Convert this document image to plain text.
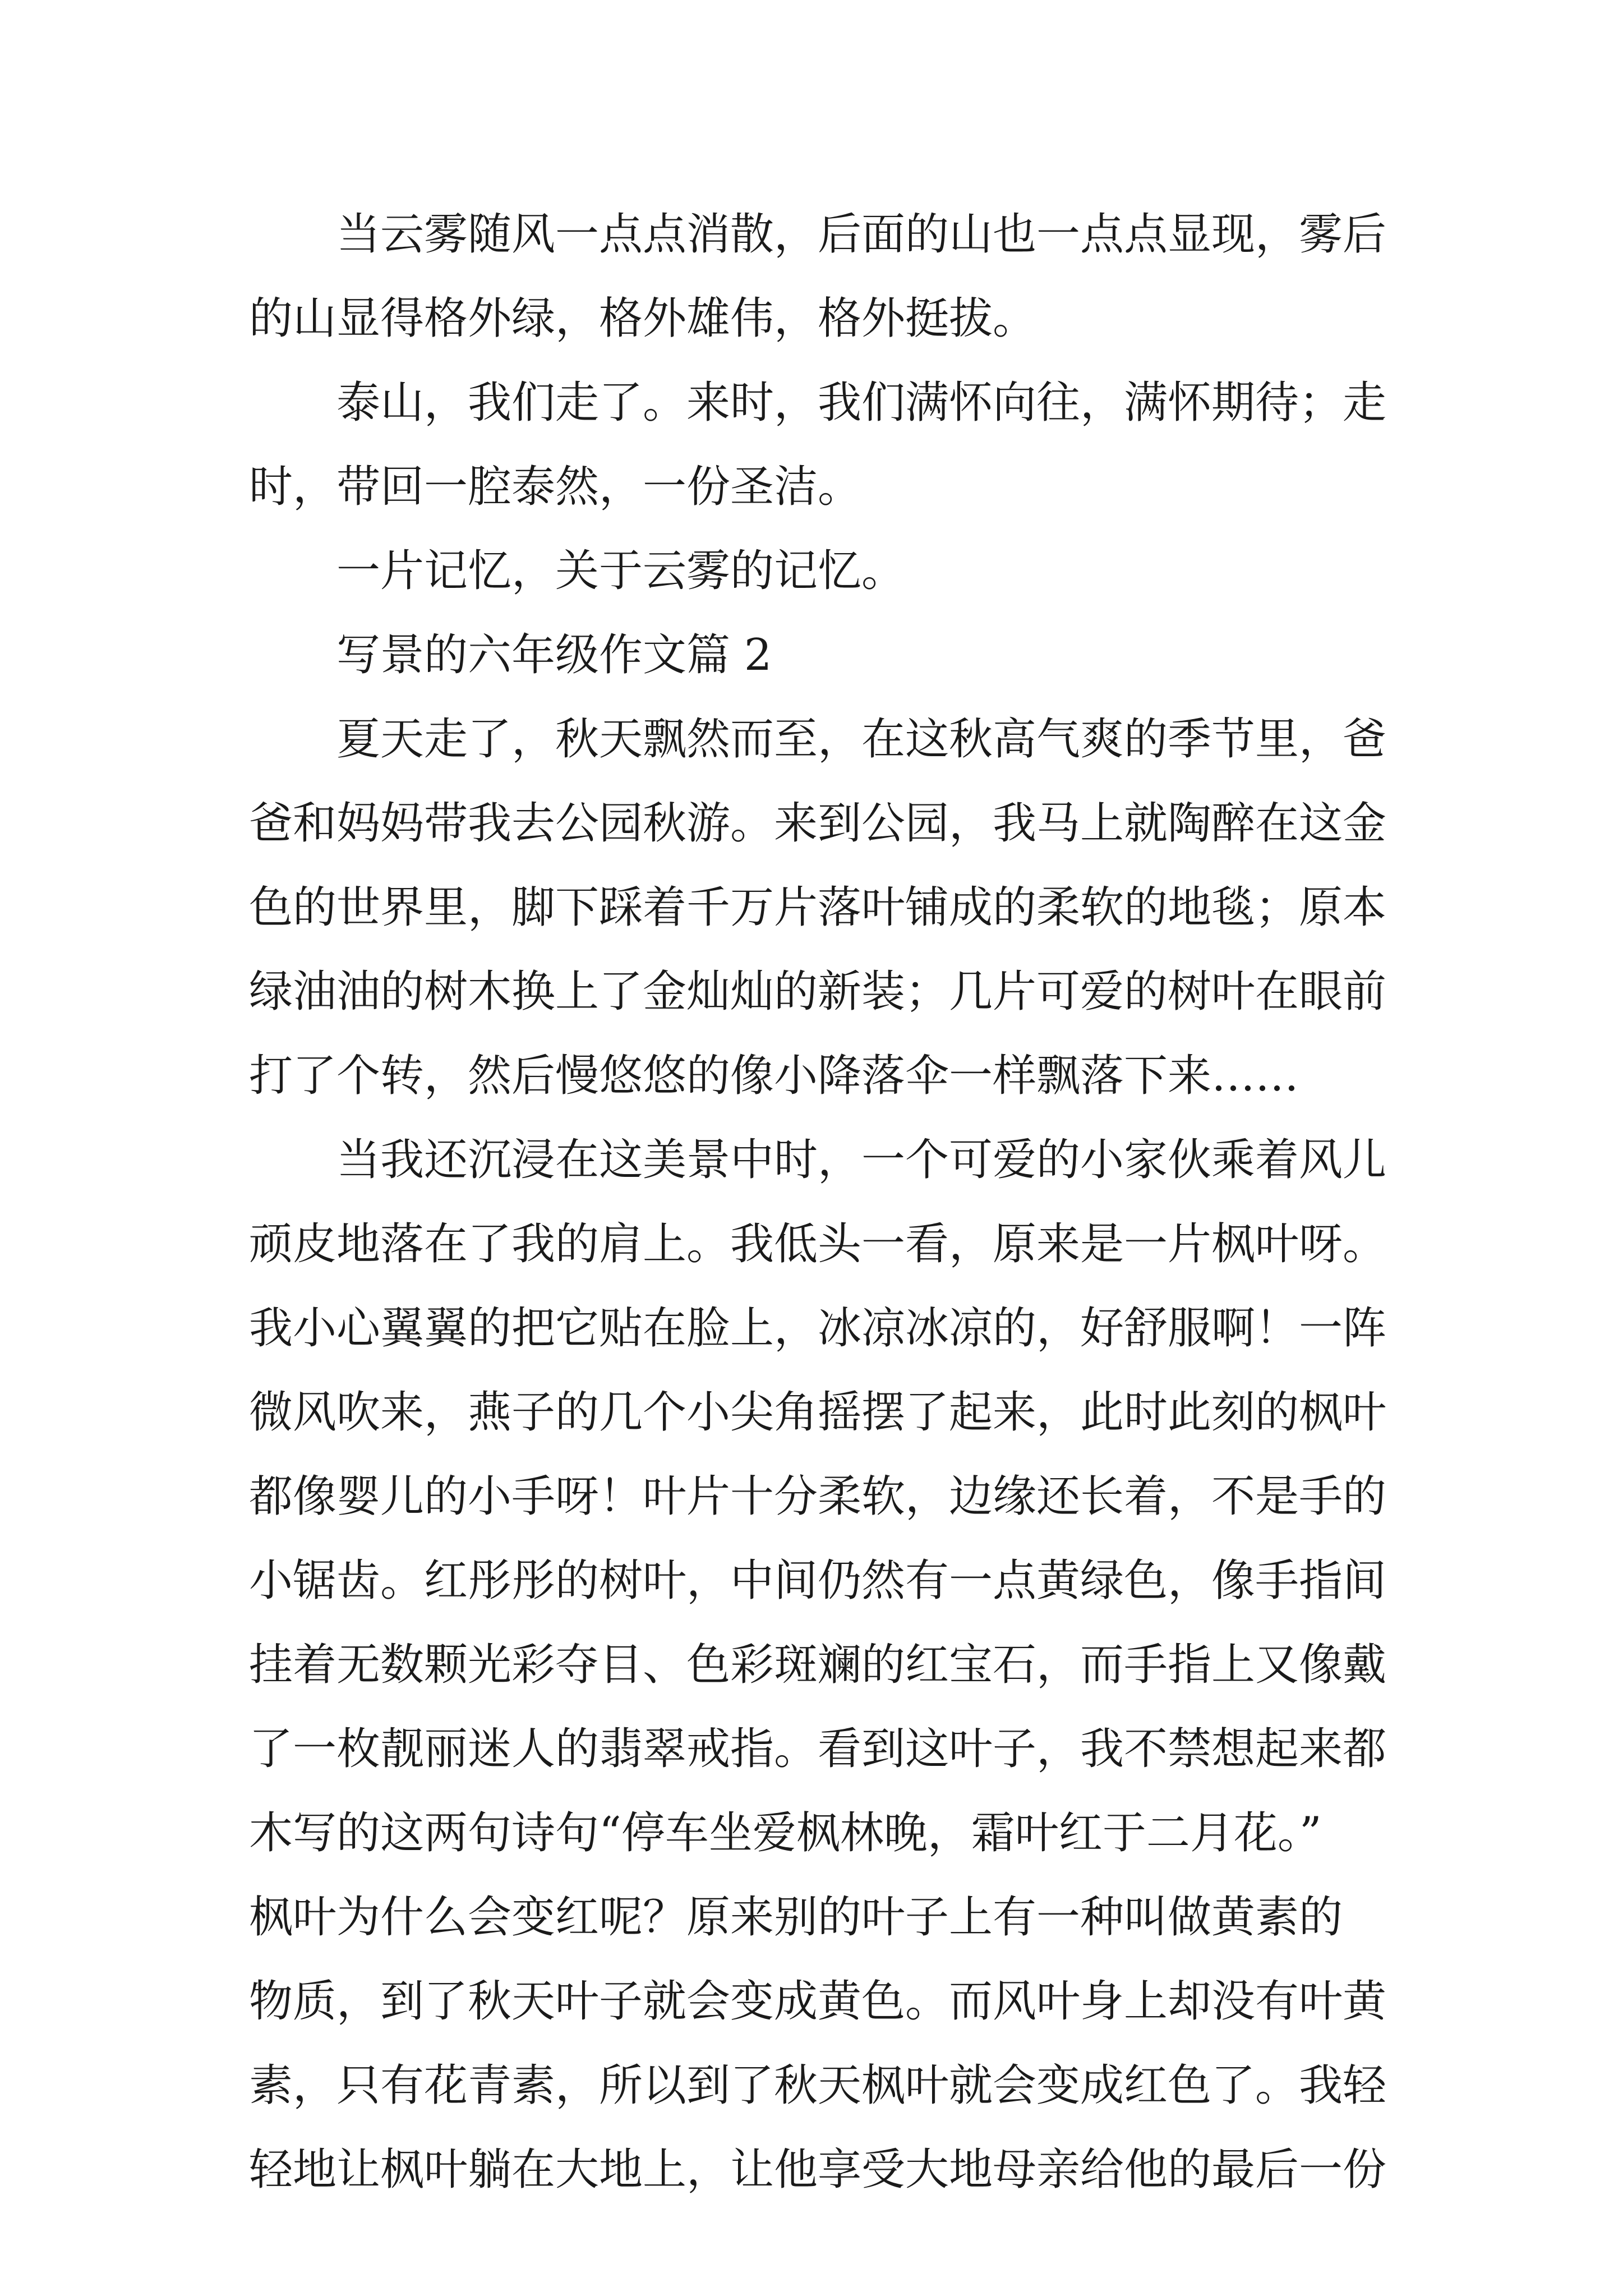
　　当云雾随风一点点消散，后面的山也一点点显现，雾后
的山显得格外绿，格外雄伟，格外挺拔。
　　泰山，我们走了。来时，我们满怀向往，满怀期待；走
时，带回一腔泰然，一份圣洁。
　　一片记忆，关于云雾的记忆。
　　写景的六年级作文篇 2
　　夏天走了，秋天飘然而至，在这秋高气爽的季节里，爸
爸和妈妈带我去公园秋游。来到公园，我马上就陶醉在这金
色的世界里，脚下踩着千万片落叶铺成的柔软的地毯；原本
绿油油的树木换上了金灿灿的新装；几片可爱的树叶在眼前
打了个转，然后慢悠悠的像小降落伞一样飘落下来……
　　当我还沉浸在这美景中时，一个可爱的小家伙乘着风儿
顽皮地落在了我的肩上。我低头一看，原来是一片枫叶呀。
我小心翼翼的把它贴在脸上，冰凉冰凉的，好舒服啊！一阵
微风吹来，燕子的几个小尖角摇摆了起来，此时此刻的枫叶
都像婴儿的小手呀！叶片十分柔软，边缘还长着，不是手的
小锯齿。红彤彤的树叶，中间仍然有一点黄绿色，像手指间
挂着无数颗光彩夺目、色彩斑斓的红宝石，而手指上又像戴
了一枚靓丽迷人的翡翠戒指。看到这叶子，我不禁想起来都
木写的这两句诗句“停车坐爱枫林晚，霜叶红于二月花。”
枫叶为什么会变红呢？原来别的叶子上有一种叫做黄素的
物质，到了秋天叶子就会变成黄色。而风叶身上却没有叶黄
素，只有花青素，所以到了秋天枫叶就会变成红色了。我轻
轻地让枫叶躺在大地上，让他享受大地母亲给他的最后一份
